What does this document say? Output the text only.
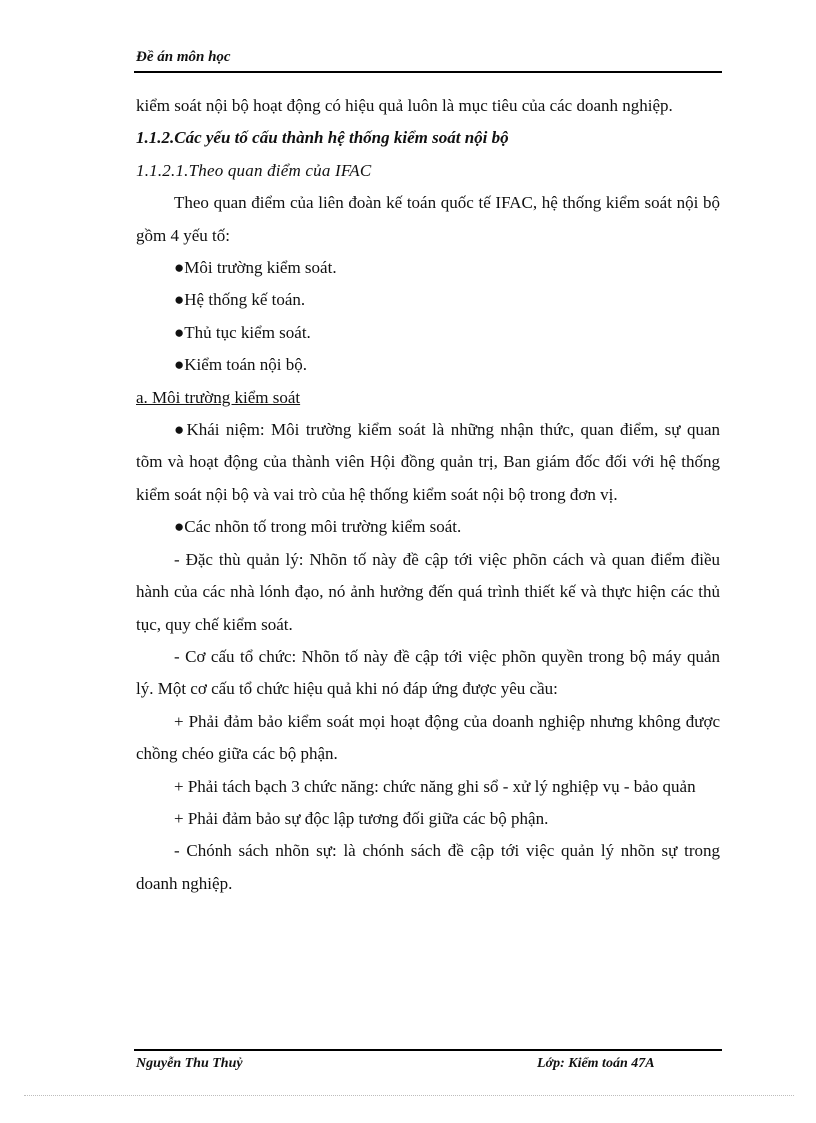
Đề án môn học

kiểm soát nội bộ hoạt động có hiệu quả luôn là mục tiêu của các doanh nghiệp.

1.1.2.Các yếu tố cấu thành hệ thống kiểm soát nội bộ

1.1.2.1.Theo quan điểm của IFAC

Theo quan điểm của liên đoàn kế toán quốc tế IFAC, hệ thống kiểm soát nội bộ gồm 4 yếu tố:

●Môi trường kiểm soát.

●Hệ thống kế toán.

●Thủ tục kiểm soát.

●Kiểm toán nội bộ.

a. Môi trường kiểm soát

●Khái niệm: Môi trường kiểm soát là những nhận thức, quan điểm, sự quan tõm và hoạt động của thành viên Hội đồng quản trị, Ban giám đốc đối với hệ thống kiểm soát nội bộ và vai trò của hệ thống kiểm soát nội bộ trong đơn vị.

●Các nhõn tố trong môi trường kiểm soát.

- Đặc thù quản lý: Nhõn tố này đề cập tới việc phõn cách và quan điểm điều hành của các nhà lónh đạo, nó ảnh hưởng đến quá trình thiết kế và thực hiện các thủ tục, quy chế kiểm soát.

- Cơ cấu tổ chức: Nhõn tố này đề cập tới việc phõn quyền trong bộ máy quản lý. Một cơ cấu tổ chức hiệu quả khi nó đáp ứng được yêu cầu:

+ Phải đảm bảo kiểm soát mọi hoạt động của doanh nghiệp nhưng không được chồng chéo giữa các bộ phận.

+ Phải tách bạch 3 chức năng: chức năng ghi sổ - xử lý nghiệp vụ - bảo quản

+ Phải đảm bảo sự độc lập tương đối giữa các bộ phận.

- Chónh sách nhõn sự: là chónh sách đề cập tới việc quản lý nhõn sự trong doanh nghiệp.

Nguyễn Thu Thuỷ	Lớp: Kiểm toán 47A
